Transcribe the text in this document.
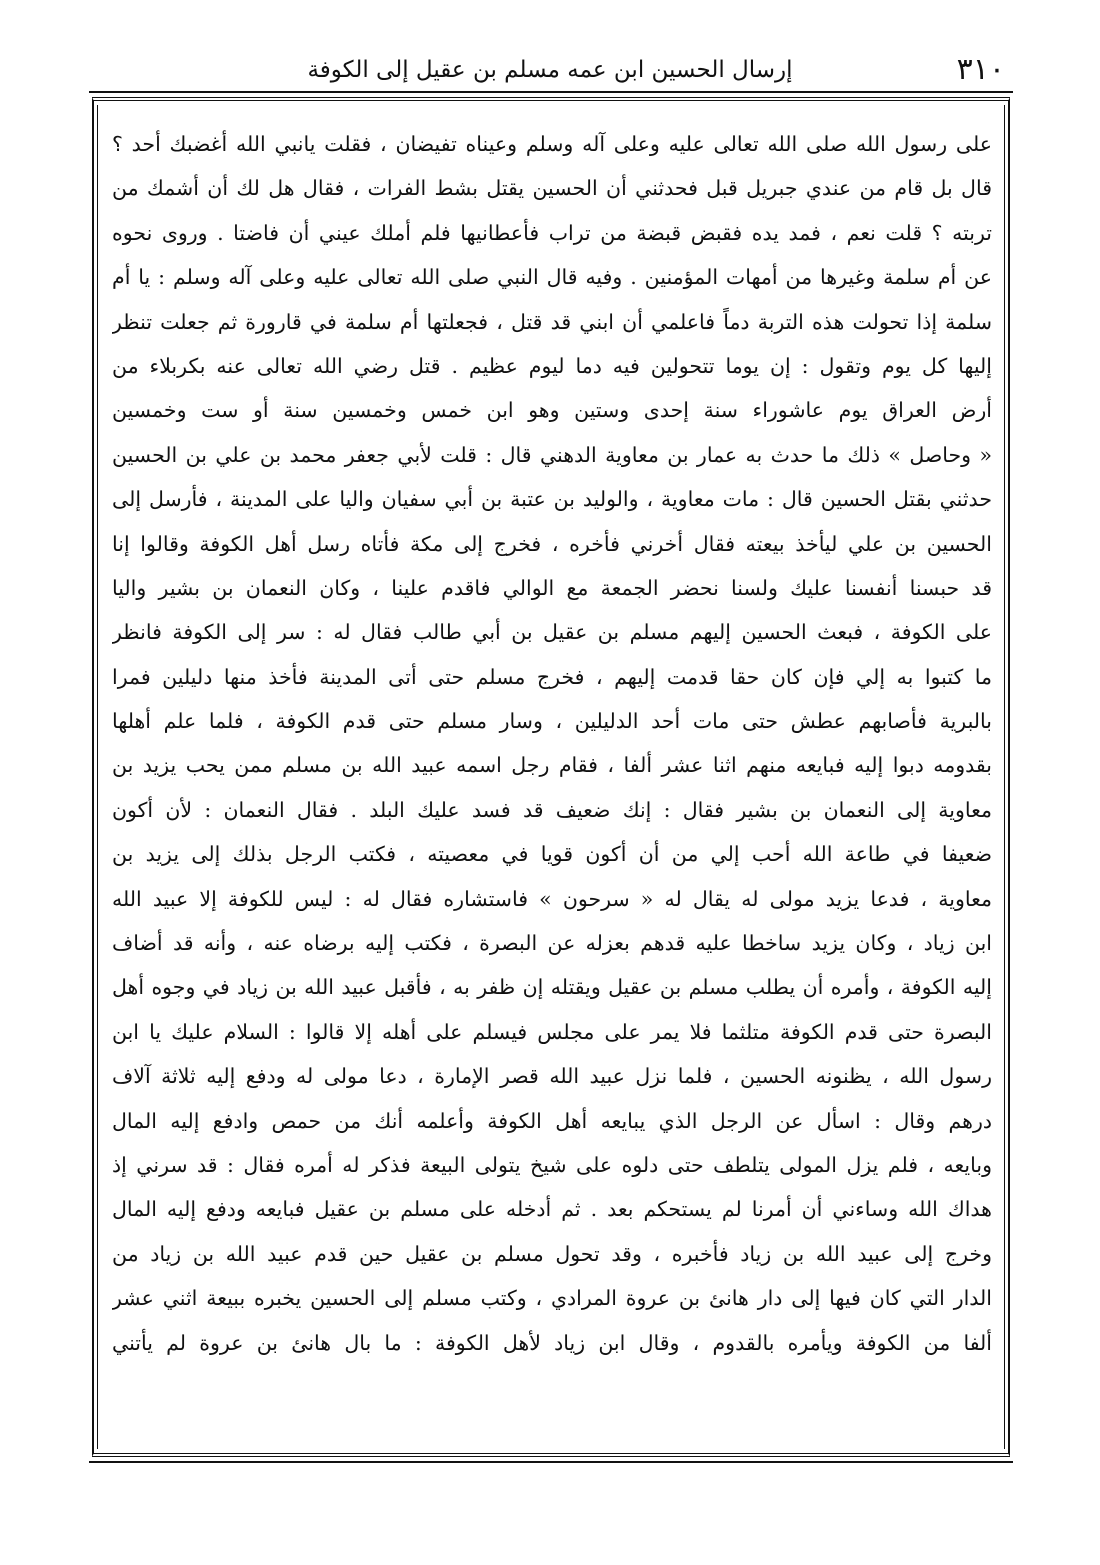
٣١٠
إرسال الحسين ابن عمه مسلم بن عقيل إلى الكوفة
على رسول الله صلى الله تعالى عليه وعلى آله وسلم وعيناه تفيضان ، فقلت يانبي الله أغضبك أحد ؟
قال بل قام من عندي جبريل قبل فحدثني أن الحسين يقتل بشط الفرات ، فقال هل لك أن أشمك من
تربته ؟ قلت نعم ، فمد يده فقبض قبضة من تراب فأعطانيها فلم أملك عيني أن فاضتا . وروى نحوه
عن أم سلمة وغيرها من أمهات المؤمنين . وفيه قال النبي صلى الله تعالى عليه وعلى آله وسلم : يا أم
سلمة إذا تحولت هذه التربة دماً فاعلمي أن ابني قد قتل ، فجعلتها أم سلمة في قارورة ثم جعلت تنظر
إليها كل يوم وتقول : إن يوما تتحولين فيه دما ليوم عظيم . قتل رضي الله تعالى عنه بكربلاء من
أرض العراق يوم عاشوراء سنة إحدى وستين وهو ابن خمس وخمسين سنة أو ست وخمسين
« وحاصل » ذلك ما حدث به عمار بن معاوية الدهني قال : قلت لأبي جعفر محمد بن علي بن الحسين
حدثني بقتل الحسين قال : مات معاوية ، والوليد بن عتبة بن أبي سفيان واليا على المدينة ، فأرسل إلى
الحسين بن علي ليأخذ بيعته فقال أخرني فأخره ، فخرج إلى مكة فأتاه رسل أهل الكوفة وقالوا إنا
قد حبسنا أنفسنا عليك ولسنا نحضر الجمعة مع الوالي فاقدم علينا ، وكان النعمان بن بشير واليا
على الكوفة ، فبعث الحسين إليهم مسلم بن عقيل بن أبي طالب فقال له : سر إلى الكوفة فانظر
ما كتبوا به إلي فإن كان حقا قدمت إليهم ، فخرج مسلم حتى أتى المدينة فأخذ منها دليلين فمرا
بالبرية فأصابهم عطش حتى مات أحد الدليلين ، وسار مسلم حتى قدم الكوفة ، فلما علم أهلها
بقدومه دبوا إليه فبايعه منهم اثنا عشر ألفا ، فقام رجل اسمه عبيد الله بن مسلم ممن يحب يزيد بن
معاوية إلى النعمان بن بشير فقال : إنك ضعيف قد فسد عليك البلد . فقال النعمان : لأن أكون
ضعيفا في طاعة الله أحب إلي من أن أكون قويا في معصيته ، فكتب الرجل بذلك إلى يزيد بن
معاوية ، فدعا يزيد مولى له يقال له « سرحون » فاستشاره فقال له : ليس للكوفة إلا عبيد الله
ابن زياد ، وكان يزيد ساخطا عليه قدهم بعزله عن البصرة ، فكتب إليه برضاه عنه ، وأنه قد أضاف
إليه الكوفة ، وأمره أن يطلب مسلم بن عقيل ويقتله إن ظفر به ، فأقبل عبيد الله بن زياد في وجوه أهل
البصرة حتى قدم الكوفة متلثما فلا يمر على مجلس فيسلم على أهله إلا قالوا : السلام عليك يا ابن
رسول الله ، يظنونه الحسين ، فلما نزل عبيد الله قصر الإمارة ، دعا مولى له ودفع إليه ثلاثة آلاف
درهم وقال : اسأل عن الرجل الذي يبايعه أهل الكوفة وأعلمه أنك من حمص وادفع إليه المال
وبايعه ، فلم يزل المولى يتلطف حتى دلوه على شيخ يتولى البيعة فذكر له أمره فقال : قد سرني إذ
هداك الله وساءني أن أمرنا لم يستحكم بعد . ثم أدخله على مسلم بن عقيل فبايعه ودفع إليه المال
وخرج إلى عبيد الله بن زياد فأخبره ، وقد تحول مسلم بن عقيل حين قدم عبيد الله بن زياد من
الدار التي كان فيها إلى دار هانئ بن عروة المرادي ، وكتب مسلم إلى الحسين يخبره ببيعة اثني عشر
ألفا من الكوفة ويأمره بالقدوم ، وقال ابن زياد لأهل الكوفة : ما بال هانئ بن عروة لم يأتني
